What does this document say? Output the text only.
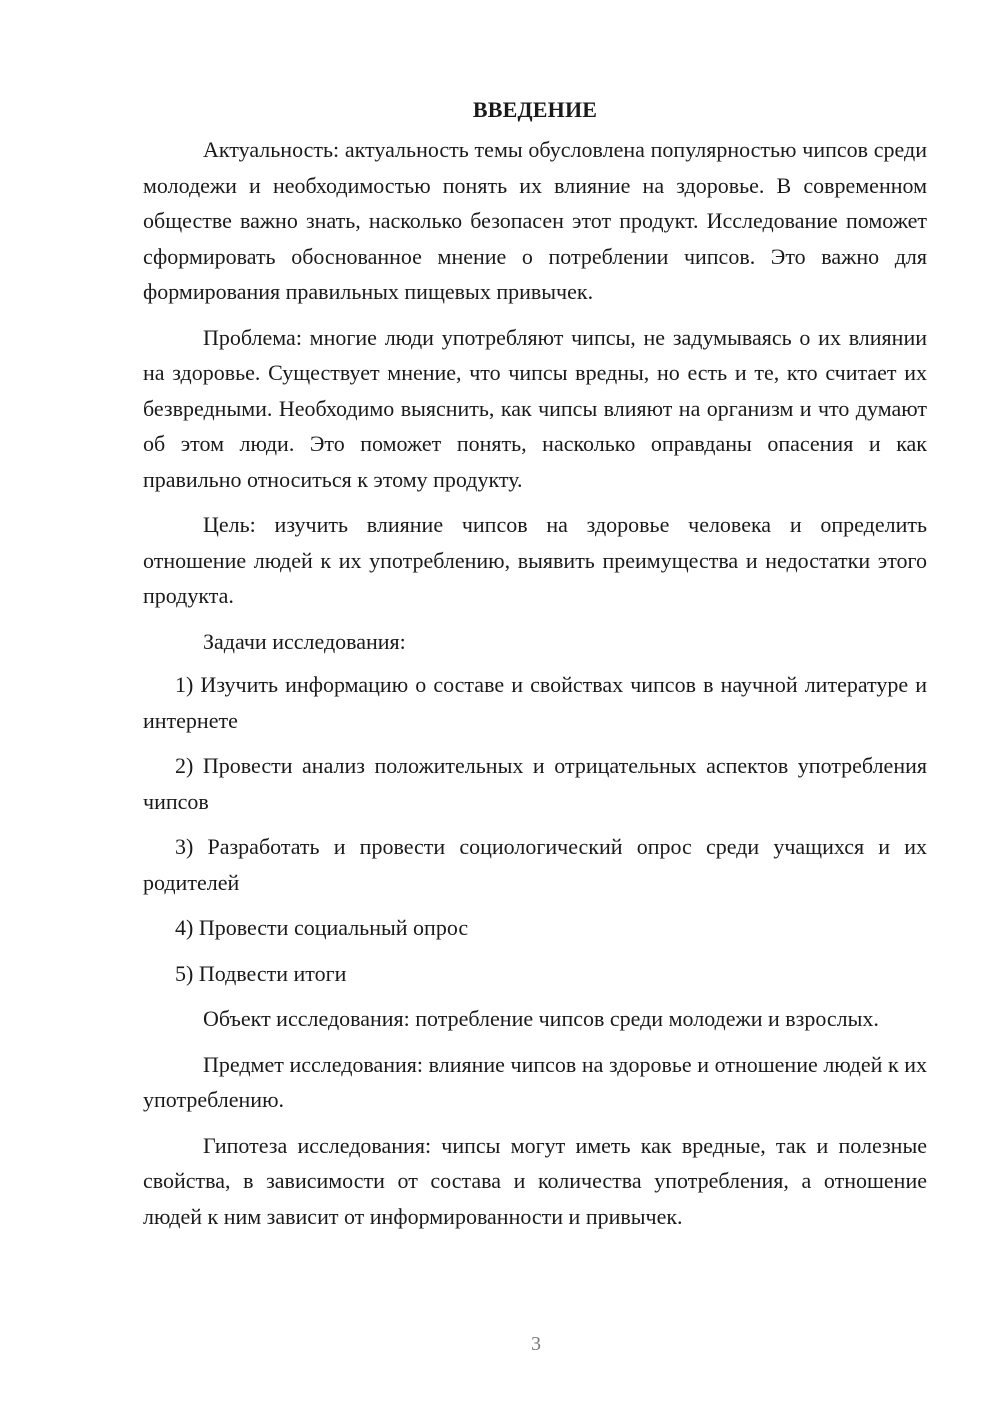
ВВЕДЕНИЕ

Актуальность: актуальность темы обусловлена популярностью чипсов среди молодежи и необходимостью понять их влияние на здоровье. В современном обществе важно знать, насколько безопасен этот продукт. Исследование поможет сформировать обоснованное мнение о потреблении чипсов. Это важно для формирования правильных пищевых привычек.

Проблема: многие люди употребляют чипсы, не задумываясь о их влиянии на здоровье. Существует мнение, что чипсы вредны, но есть и те, кто считает их безвредными. Необходимо выяснить, как чипсы влияют на организм и что думают об этом люди. Это поможет понять, насколько оправданы опасения и как правильно относиться к этому продукту.

Цель: изучить влияние чипсов на здоровье человека и определить отношение людей к их употреблению, выявить преимущества и недостатки этого продукта.

Задачи исследования:

1) Изучить информацию о составе и свойствах чипсов в научной литературе и интернете

2) Провести анализ положительных и отрицательных аспектов употребления чипсов

3) Разработать и провести социологический опрос среди учащихся и их родителей

4) Провести социальный опрос

5) Подвести итоги

Объект исследования: потребление чипсов среди молодежи и взрослых.

Предмет исследования: влияние чипсов на здоровье и отношение людей к их употреблению.

Гипотеза исследования: чипсы могут иметь как вредные, так и полезные свойства, в зависимости от состава и количества употребления, а отношение людей к ним зависит от информированности и привычек.

3
